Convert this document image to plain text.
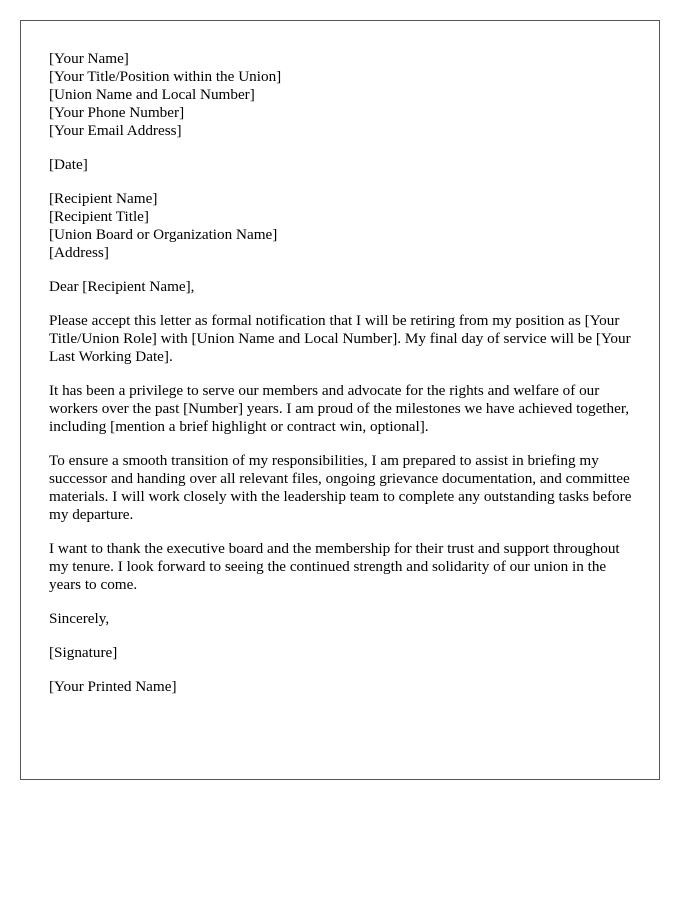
[Your Name]
[Your Title/Position within the Union]
[Union Name and Local Number]
[Your Phone Number]
[Your Email Address]
[Date]
[Recipient Name]
[Recipient Title]
[Union Board or Organization Name]
[Address]

Dear [Recipient Name],

Please accept this letter as formal notification that I will be retiring from my position as [Your Title/Union Role] with [Union Name and Local Number]. My final day of service will be [Your Last Working Date].

It has been a privilege to serve our members and advocate for the rights and welfare of our workers over the past [Number] years. I am proud of the milestones we have achieved together, including [mention a brief highlight or contract win, optional].

To ensure a smooth transition of my responsibilities, I am prepared to assist in briefing my successor and handing over all relevant files, ongoing grievance documentation, and committee materials. I will work closely with the leadership team to complete any outstanding tasks before my departure.

I want to thank the executive board and the membership for their trust and support throughout my tenure. I look forward to seeing the continued strength and solidarity of our union in the years to come.

Sincerely,

[Signature]

[Your Printed Name]
